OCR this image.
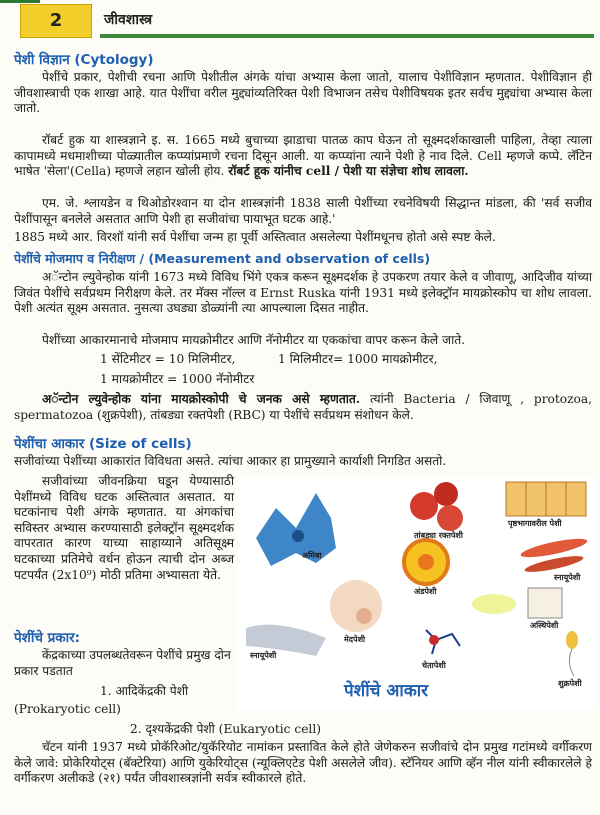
2	जीवशास्त्र
पेशी विज्ञान (Cytology)
पेशींचे प्रकार, पेशीची रचना आणि पेशीतील अंगके यांचा अभ्यास केला जातो, यालाच पेशीविज्ञान म्हणतात. पेशीविज्ञान ही जीवशास्त्राची एक शाखा आहे. यात पेशींचा वरील मुद्द्यांव्यतिरिक्त पेशी विभाजन तसेच पेशीविषयक इतर सर्वच मुद्द्यांचा अभ्यास केला जातो.
रॉबर्ट हुक या शास्त्रज्ञाने इ. स. 1665 मध्ये बुचाच्या झाडाचा पातळ काप घेऊन तो सूक्ष्मदर्शकाखाली पाहिला, तेव्हा त्याला कापामध्ये मधमाशीच्या पोळ्यातील कप्प्यांप्रमाणे रचना दिसून आली. या कप्प्यांना त्याने पेशी हे नाव दिले. Cell म्हणजे कप्पे. लॅटिन भाषेत 'सेला'(Cella) म्हणजे लहान खोली होय. रॉबर्ट हूक यांनीच cell / पेशी या संज्ञेचा शोध लावला.
एम. जे. श्लायडेन व थिओडोरश्वान या दोन शास्त्रज्ञांनी 1838 साली पेशींच्या रचनेविषयी सिद्धान्त मांडला, की 'सर्व सजीव पेशींपासून बनलेले असतात आणि पेशी हा सजीवांचा पायाभूत घटक आहे.'
1885 मध्ये आर. विरशॉ यांनी सर्व पेशींचा जन्म हा पूर्वी अस्तित्वात असलेल्या पेशींमधूनच होतो असे स्पष्ट केले.
पेशींचे मोजमाप व निरीक्षण / (Measurement and observation of cells)
अॅन्टोन ल्युवेन्होक यांनी 1673 मध्ये विविध भिंगे एकत्र करून सूक्ष्मदर्शक हे उपकरण तयार केले व जीवाणू, आदिजीव यांच्या जिवंत पेशींचे सर्वप्रथम निरीक्षण केले. तर मॅक्स नॉल्ल व Ernst Ruska यांनी 1931 मध्ये इलेक्ट्रॉन मायक्रोस्कोप चा शोध लावला. पेशी अत्यंत सूक्ष्म असतात. नुसत्या उघड्या डोळ्यांनी त्या आपल्याला दिसत नाहीत.
पेशींच्या आकारमानाचे मोजमाप मायक्रोमीटर आणि नॅनोमीटर या एककांचा वापर करून केले जाते.
1 सेंटिमीटर = 10 मिलिमीटर,	1 मिलिमीटर= 1000 मायक्रोमीटर,
1 मायक्रोमीटर = 1000 नॅनोमीटर
अॅन्टोन ल्युवेन्होक यांना मायक्रोस्कोपी चे जनक असे म्हणतात. त्यांनी Bacteria / जिवाणू , protozoa, spermatozoa (शुक्रपेशी), तांबड्या रक्तपेशी (RBC) या पेशींचे सर्वप्रथम संशोधन केले.
पेशींचा आकार (Size of cells)
सजीवांच्या पेशींच्या आकारांत विविधता असते. त्यांचा आकार हा प्रामुख्याने कार्याशी निगडित असतो.
सजीवांच्या जीवनक्रिया घडून येण्यासाठी पेशींमध्ये विविध घटक अस्तित्वात असतात. या घटकांनाच पेशी अंगके म्हणतात. या अंगकांचा सविस्तर अभ्यास करण्यासाठी इलेक्ट्रॉन सूक्ष्मदर्शक वापरतात कारण याच्या साहाय्याने अतिसूक्ष्म घटकाच्या प्रतिमेचे वर्धन होऊन त्याची दोन अब्ज पटपर्यंत (2x10⁹) मोठी प्रतिमा अभ्यासता येते.
पेशींचे प्रकार:
केंद्रकाच्या उपलब्धतेवरून पेशींचे प्रमुख दोन प्रकार पडतात
1. आदिकेंद्रकी पेशी
(Prokaryotic cell)
2. दृश्यकेंद्रकी पेशी (Eukaryotic cell)
चॅटन यांनी 1937 मध्ये प्रोकॅरिओट/युकॅरियोट नामांकन प्रस्तावित केले होते जेणेकरुन सजीवांचे दोन प्रमुख गटांमध्ये वर्गीकरण केले जावे: प्रोकेरियोट्स (बॅक्टेरिया) आणि युकेरियोट्स (न्यूक्लिएटेड पेशी असलेले जीव). स्टॅनियर आणि व्हॅन नील यांनी स्वीकारलेले हे वर्गीकरण अलीकडे (२१) पर्यंत जीवशास्त्रज्ञांनी सर्वत्र स्वीकारले होते.
अमिबा
तांबड्या रक्तपेशी
पृष्ठभागावरील पेशी
स्नायूपेशी
अंडपेशी
अस्थिपेशी
मेदपेशी
चेतापेशी
शुक्रपेशी
स्नायूपेशी
पेशींचे आकार
